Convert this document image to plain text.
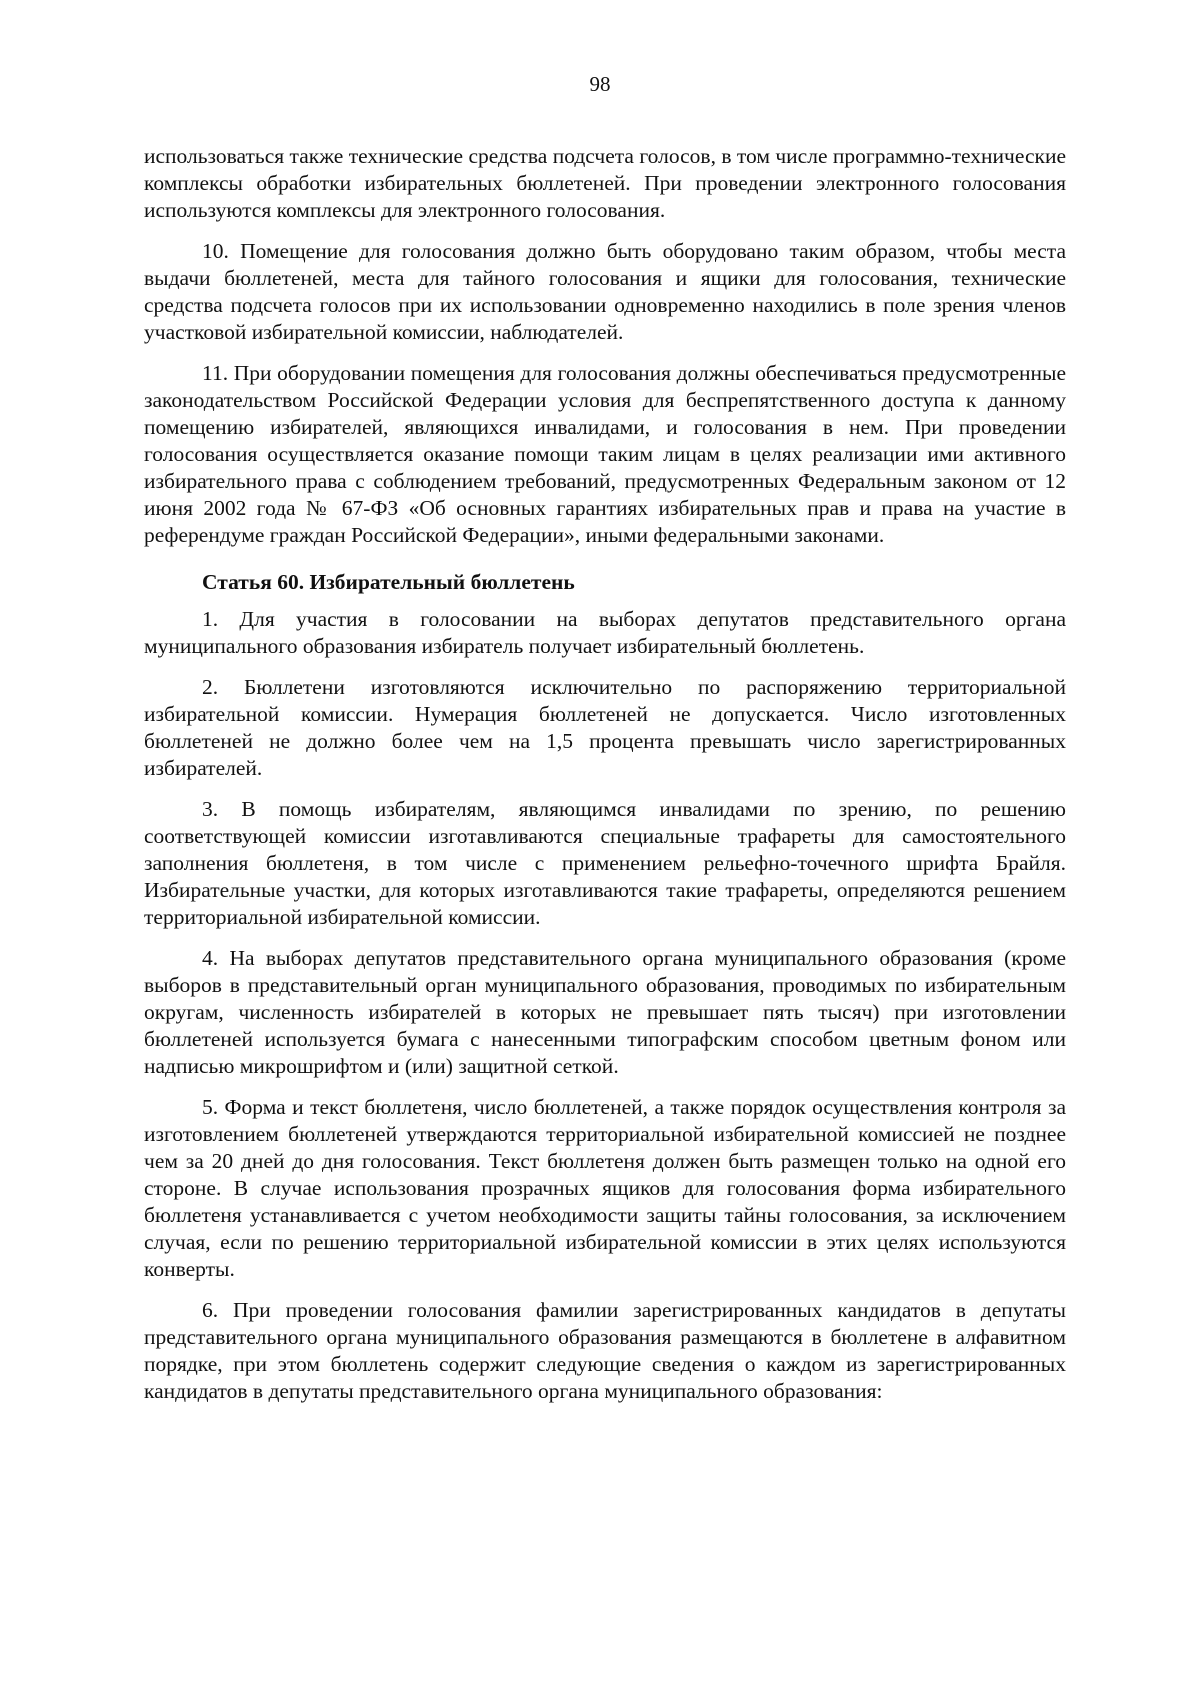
98

использоваться также технические средства подсчета голосов, в том числе программно-технические комплексы обработки избирательных бюллетеней. При проведении электронного голосования используются комплексы для электронного голосования.

10. Помещение для голосования должно быть оборудовано таким образом, чтобы места выдачи бюллетеней, места для тайного голосования и ящики для голосования, технические средства подсчета голосов при их использовании одновременно находились в поле зрения членов участковой избирательной комиссии, наблюдателей.

11. При оборудовании помещения для голосования должны обеспечиваться предусмотренные законодательством Российской Федерации условия для беспрепятственного доступа к данному помещению избирателей, являющихся инвалидами, и голосования в нем. При проведении голосования осуществляется оказание помощи таким лицам в целях реализации ими активного избирательного права с соблюдением требований, предусмотренных Федеральным законом от 12 июня 2002 года № 67-ФЗ «Об основных гарантиях избирательных прав и права на участие в референдуме граждан Российской Федерации», иными федеральными законами.

Статья 60. Избирательный бюллетень

1. Для участия в голосовании на выборах депутатов представительного органа муниципального образования избиратель получает избирательный бюллетень.

2. Бюллетени изготовляются исключительно по распоряжению территориальной избирательной комиссии. Нумерация бюллетеней не допускается. Число изготовленных бюллетеней не должно более чем на 1,5 процента превышать число зарегистрированных избирателей.

3. В помощь избирателям, являющимся инвалидами по зрению, по решению соответствующей комиссии изготавливаются специальные трафареты для самостоятельного заполнения бюллетеня, в том числе с применением рельефно-точечного шрифта Брайля. Избирательные участки, для которых изготавливаются такие трафареты, определяются решением территориальной избирательной комиссии.

4. На выборах депутатов представительного органа муниципального образования (кроме выборов в представительный орган муниципального образования, проводимых по избирательным округам, численность избирателей в которых не превышает пять тысяч) при изготовлении бюллетеней используется бумага с нанесенными типографским способом цветным фоном или надписью микрошрифтом и (или) защитной сеткой.

5. Форма и текст бюллетеня, число бюллетеней, а также порядок осуществления контроля за изготовлением бюллетеней утверждаются территориальной избирательной комиссией не позднее чем за 20 дней до дня голосования. Текст бюллетеня должен быть размещен только на одной его стороне. В случае использования прозрачных ящиков для голосования форма избирательного бюллетеня устанавливается с учетом необходимости защиты тайны голосования, за исключением случая, если по решению территориальной избирательной комиссии в этих целях используются конверты.

6. При проведении голосования фамилии зарегистрированных кандидатов в депутаты представительного органа муниципального образования размещаются в бюллетене в алфавитном порядке, при этом бюллетень содержит следующие сведения о каждом из зарегистрированных кандидатов в депутаты представительного органа муниципального образования:
